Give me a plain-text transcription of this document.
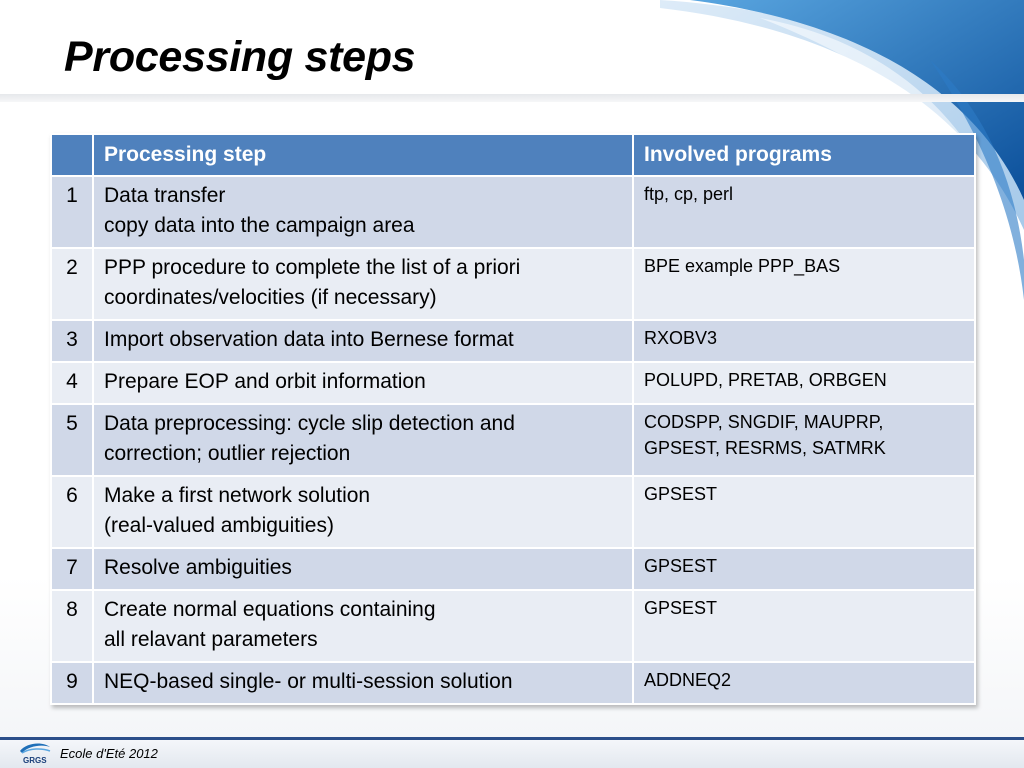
Processing steps
	Processing step	Involved programs
1	Data transfer
copy data into the campaign area	ftp, cp, perl

2	PPP procedure to complete the list of a priori
coordinates/velocities (if necessary)	BPE example PPP_BAS

3	Import observation data into Bernese format	RXOBV3

4	Prepare EOP and orbit information	POLUPD, PRETAB, ORBGEN

5	Data preprocessing: cycle slip detection and
correction; outlier rejection	CODSPP, SNGDIF, MAUPRP,
GPSEST, RESRMS, SATMRK

6	Make a first network solution
(real-valued ambiguities)	GPSEST

7	Resolve ambiguities	GPSEST

8	Create normal equations containing
all relavant parameters	GPSEST

9	NEQ-based single- or multi-session solution	ADDNEQ2
GRGS Ecole d'Eté 2012
